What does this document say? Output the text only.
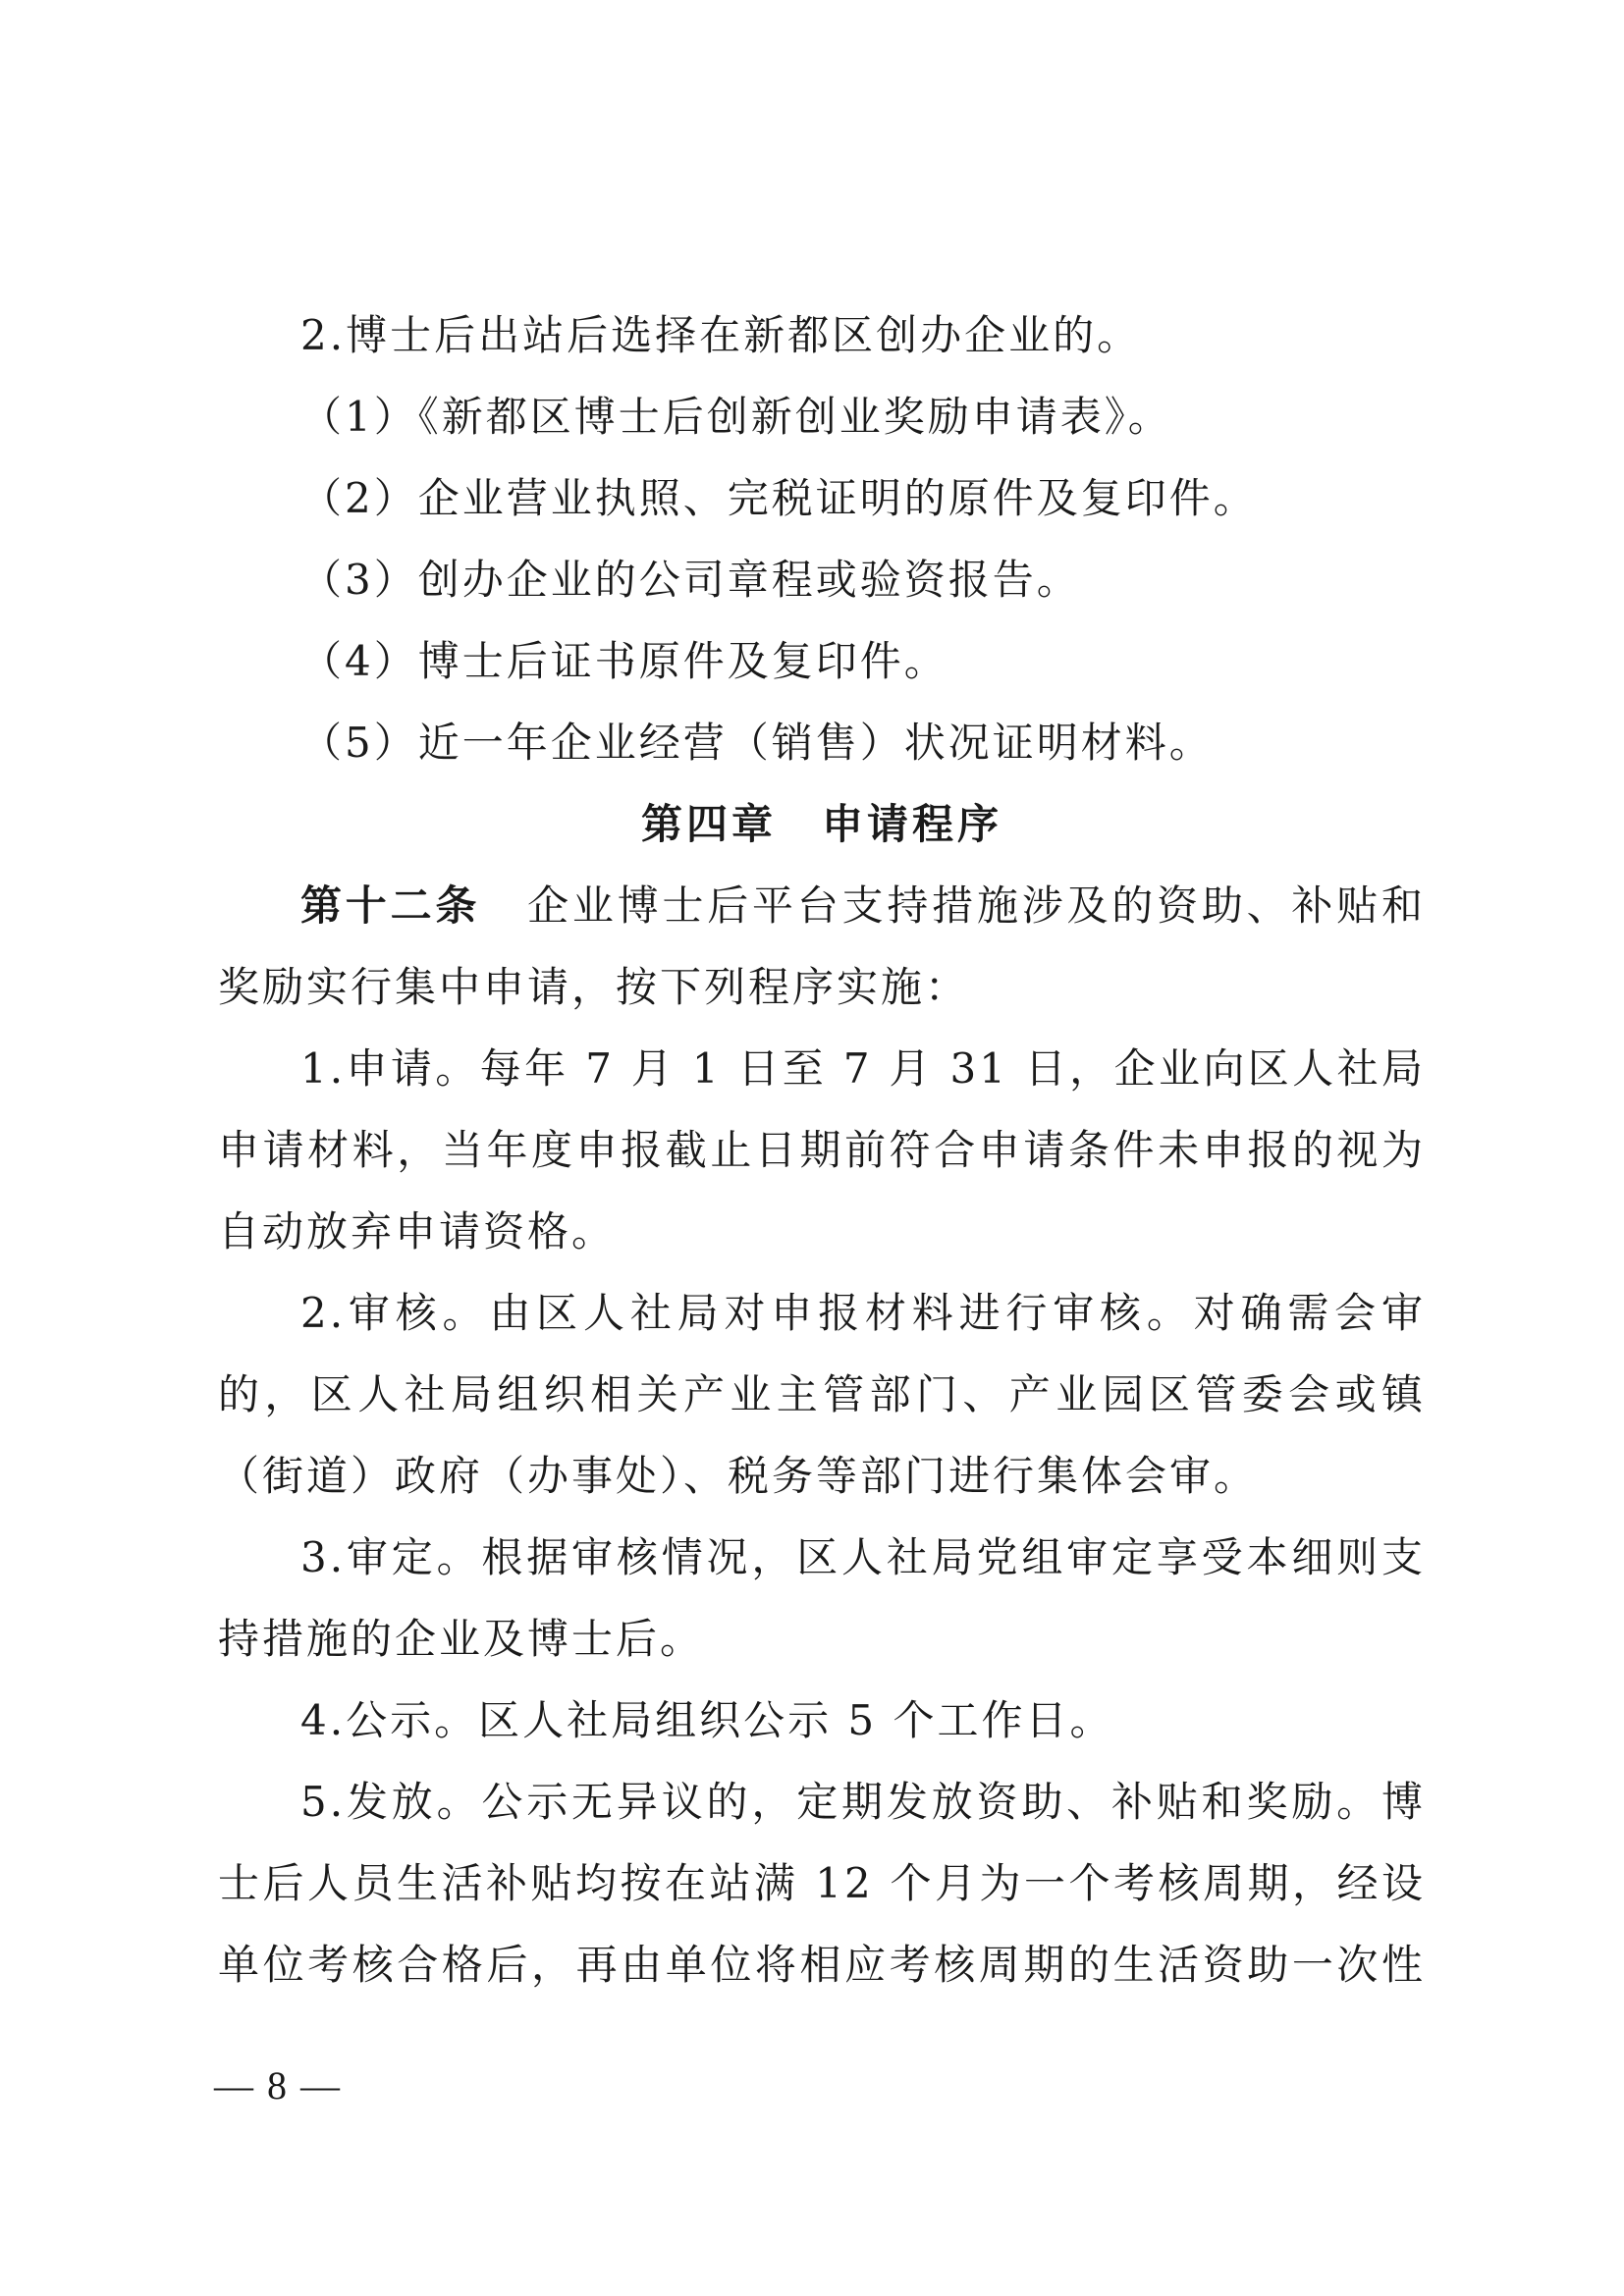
2.博士后出站后选择在新都区创办企业的。
（1）《新都区博士后创新创业奖励申请表》。
（2）企业营业执照、完税证明的原件及复印件。
（3）创办企业的公司章程或验资报告。
（4）博士后证书原件及复印件。
（5）近一年企业经营（销售）状况证明材料。
第四章　申请程序
第十二条 企业博士后平台支持措施涉及的资助、补贴和
奖励实行集中申请，按下列程序实施：
1.申请。每年 7 月 1 日至 7 月 31 日，企业向区人社局
申请材料，当年度申报截止日期前符合申请条件未申报的视为
自动放弃申请资格。
2.审核。由区人社局对申报材料进行审核。对确需会审
的，区人社局组织相关产业主管部门、产业园区管委会或镇
（街道）政府（办事处）、税务等部门进行集体会审。
3.审定。根据审核情况，区人社局党组审定享受本细则支
持措施的企业及博士后。
4.公示。区人社局组织公示 5 个工作日。
5.发放。公示无异议的，定期发放资助、补贴和奖励。博
士后人员生活补贴均按在站满 12 个月为一个考核周期，经设
单位考核合格后，再由单位将相应考核周期的生活资助一次性
— 8 —
